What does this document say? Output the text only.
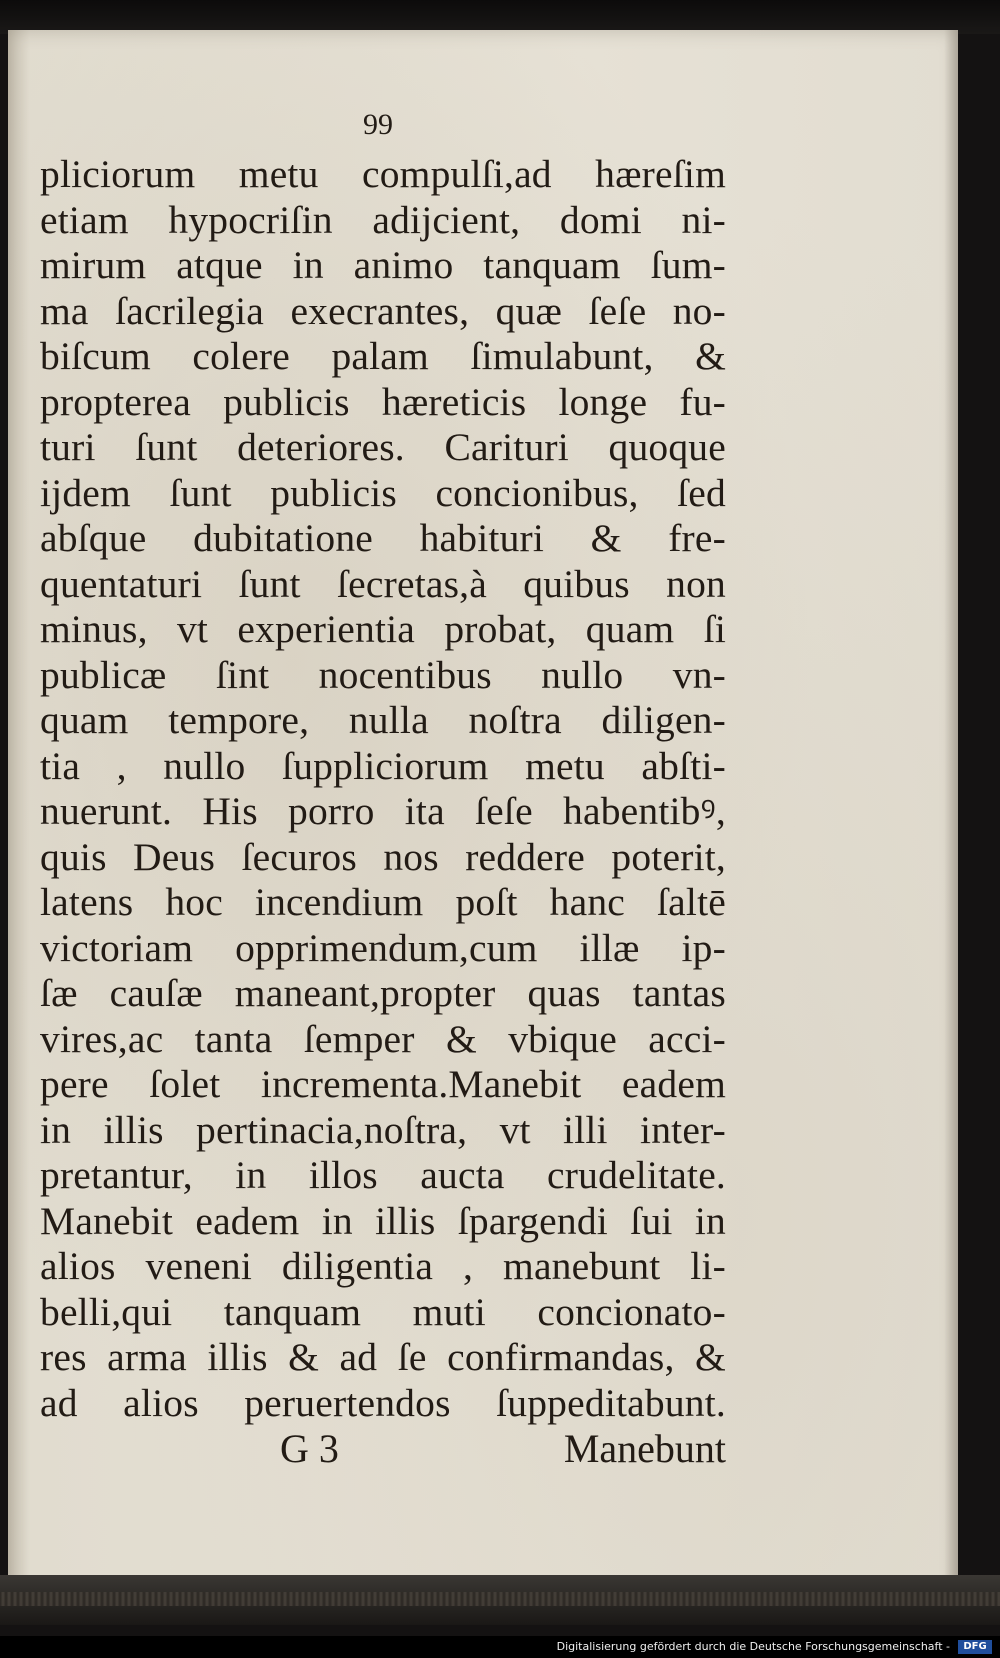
99
pliciorum metu compulſi,ad hæreſim
etiam hypocriſin adijcient, domi ni-
mirum atque in animo tanquam ſum-
ma ſacrilegia execrantes, quæ ſeſe no-
biſcum colere palam ſimulabunt, &
propterea publicis hæreticis longe fu-
turi ſunt deteriores. Carituri quoque
ijdem ſunt publicis concionibus, ſed
abſque dubitatione habituri & fre-
quentaturi ſunt ſecretas,à quibus non
minus, vt experientia probat, quam ſi
publicæ ſint nocentibus nullo vn-
quam tempore, nulla noſtra diligen-
tia , nullo ſuppliciorum metu abſti-
nuerunt. His porro ita ſeſe habentibꝰ,
quis Deus ſecuros nos reddere poterit,
latens hoc incendium poſt hanc ſaltē
victoriam opprimendum,cum illæ ip-
ſæ cauſæ maneant,propter quas tantas
vires,ac tanta ſemper & vbique acci-
pere ſolet incrementa.Manebit eadem
in illis pertinacia,noſtra, vt illi inter-
pretantur, in illos aucta crudelitate.
Manebit eadem in illis ſpargendi ſui in
alios veneni diligentia , manebunt li-
belli,qui tanquam muti concionato-
res arma illis & ad ſe confirmandas, &
ad alios peruertendos ſuppeditabunt.
G 3	Manebunt
Digitalisierung gefördert durch die Deutsche Forschungsgemeinschaft -	DFG
